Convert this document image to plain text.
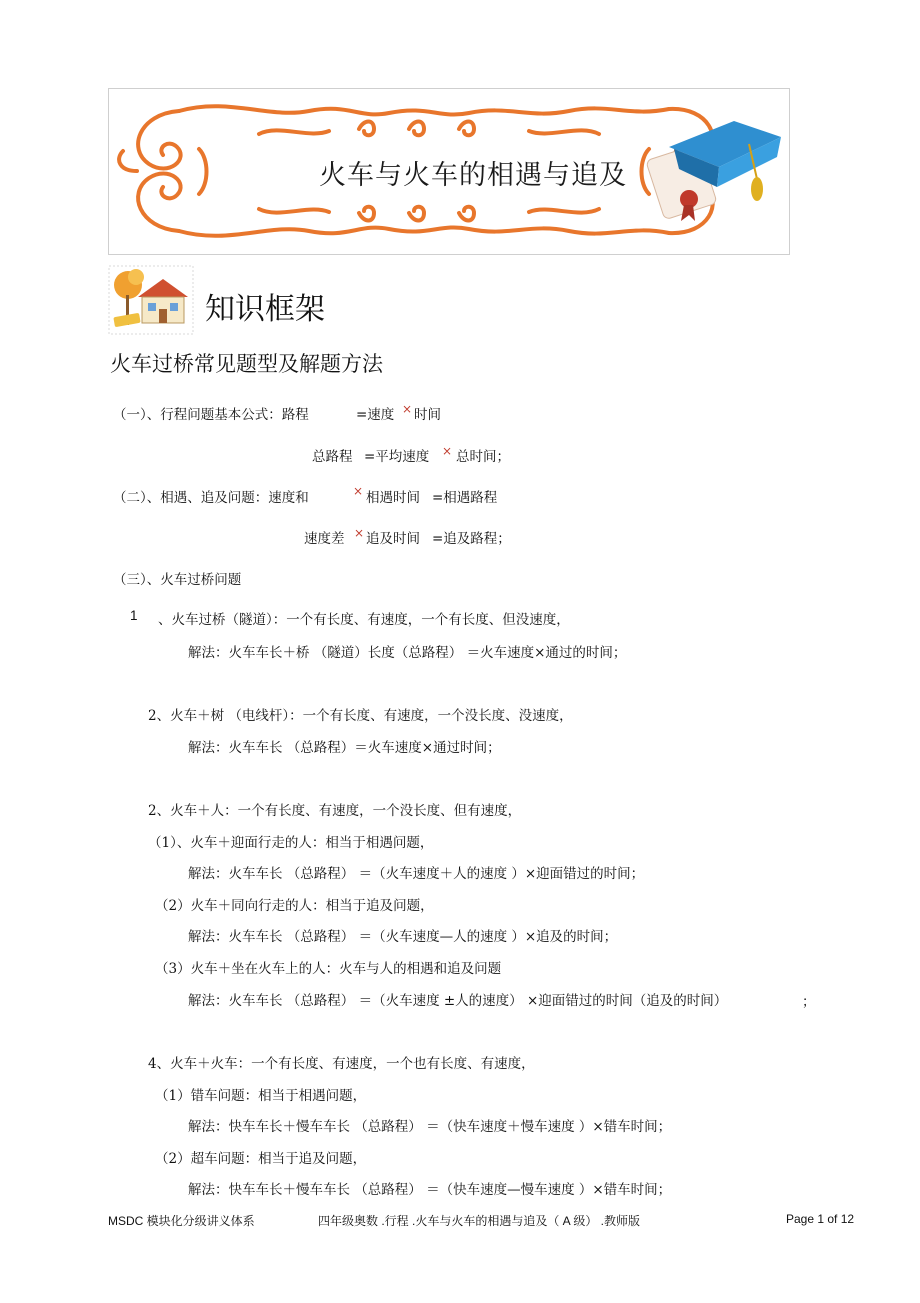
火车与火车的相遇与追及
知识框架
火车过桥常见题型及解题方法
（一）、行程问题基本公式：路程	=速度 × 时间
总路程 =平均速度 × 总时间；
（二）、相遇、追及问题：速度和	× 相遇时间 =相遇路程
速度差 × 追及时间 =追及路程；
（三）、火车过桥问题
1 、火车过桥（隧道）：一个有长度、有速度，一个有长度、但没速度，
解法：火车车长＋桥 （隧道）长度（总路程） ＝火车速度×通过的时间；
2、火车＋树 （电线杆）：一个有长度、有速度，一个没长度、没速度，
解法：火车车长 （总路程）＝火车速度×通过时间；
2、火车＋人：一个有长度、有速度，一个没长度、但有速度，
（1）、火车＋迎面行走的人：相当于相遇问题，
解法：火车车长 （总路程） ＝（火车速度＋人的速度 ）×迎面错过的时间；
（2）火车＋同向行走的人：相当于追及问题，
解法：火车车长 （总路程） ＝（火车速度—人的速度 ）×追及的时间；
（3）火车＋坐在火车上的人：火车与人的相遇和追及问题
解法：火车车长 （总路程） ＝（火车速度 ±人的速度） ×迎面错过的时间（追及的时间）	；
4、火车＋火车：一个有长度、有速度，一个也有长度、有速度，
（1）错车问题：相当于相遇问题，
解法：快车车长＋慢车车长 （总路程） ＝（快车速度＋慢车速度 ）×错车时间；
（2）超车问题：相当于追及问题，
解法：快车车长＋慢车车长 （总路程） ＝（快车速度—慢车速度 ）×错车时间；
MSDC 模块化分级讲义体系	四年级奥数 .行程 .火车与火车的相遇与追及（ A 级） .教师版	Page 1 of 12
